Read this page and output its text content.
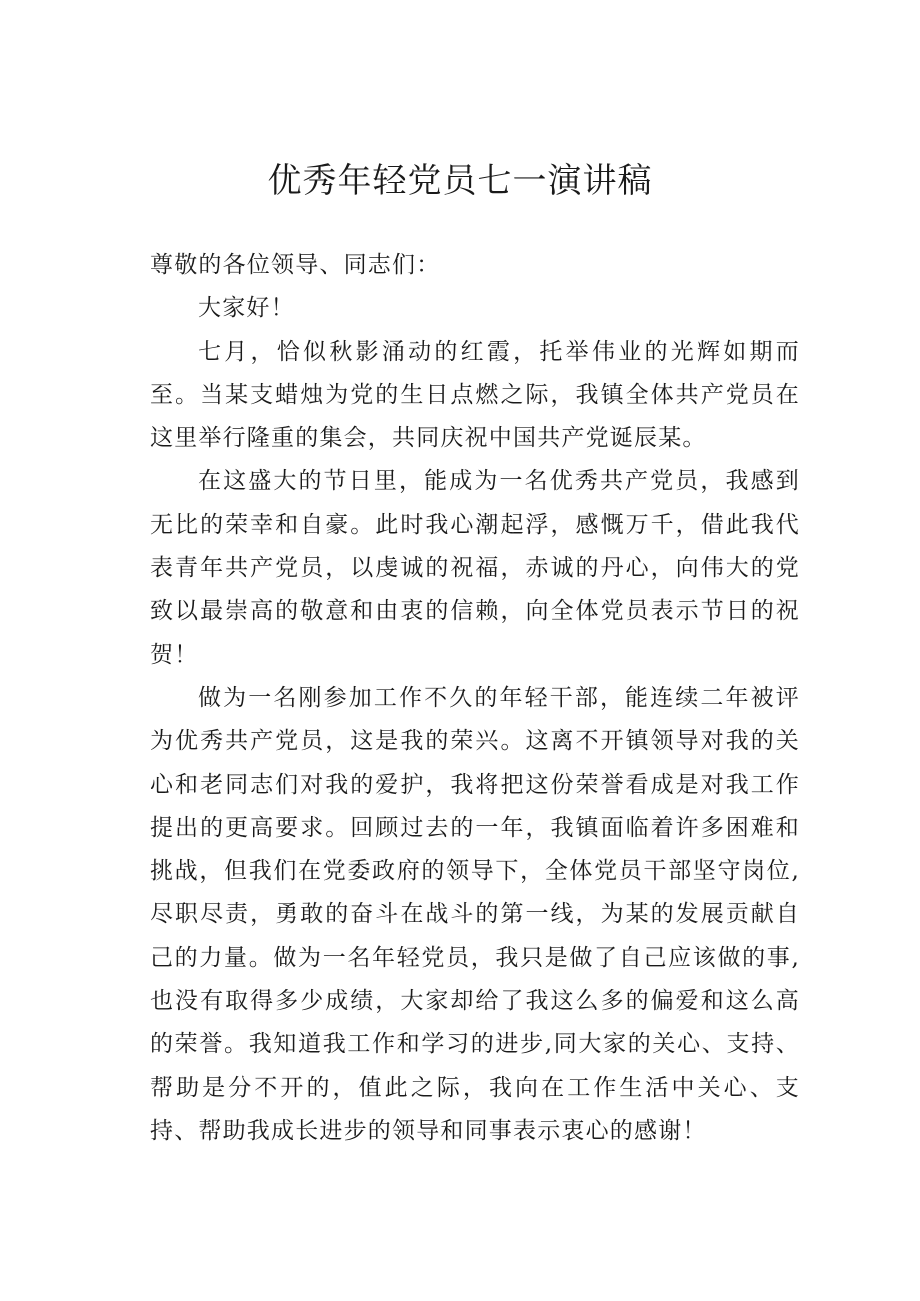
优秀年轻党员七一演讲稿

尊敬的各位领导、同志们：

大家好！

七月，恰似秋影涌动的红霞，托举伟业的光辉如期而至。当某支蜡烛为党的生日点燃之际，我镇全体共产党员在这里举行隆重的集会，共同庆祝中国共产党诞辰某。

在这盛大的节日里，能成为一名优秀共产党员，我感到无比的荣幸和自豪。此时我心潮起浮，感慨万千，借此我代表青年共产党员，以虔诚的祝福，赤诚的丹心，向伟大的党致以最崇高的敬意和由衷的信赖，向全体党员表示节日的祝贺！

做为一名刚参加工作不久的年轻干部，能连续二年被评为优秀共产党员，这是我的荣兴。这离不开镇领导对我的关心和老同志们对我的爱护，我将把这份荣誉看成是对我工作提出的更高要求。回顾过去的一年，我镇面临着许多困难和挑战，但我们在党委政府的领导下，全体党员干部坚守岗位,尽职尽责，勇敢的奋斗在战斗的第一线，为某的发展贡献自己的力量。做为一名年轻党员，我只是做了自己应该做的事,也没有取得多少成绩，大家却给了我这么多的偏爱和这么高的荣誉。我知道我工作和学习的进步,同大家的关心、支持、帮助是分不开的，值此之际，我向在工作生活中关心、支持、帮助我成长进步的领导和同事表示衷心的感谢！
